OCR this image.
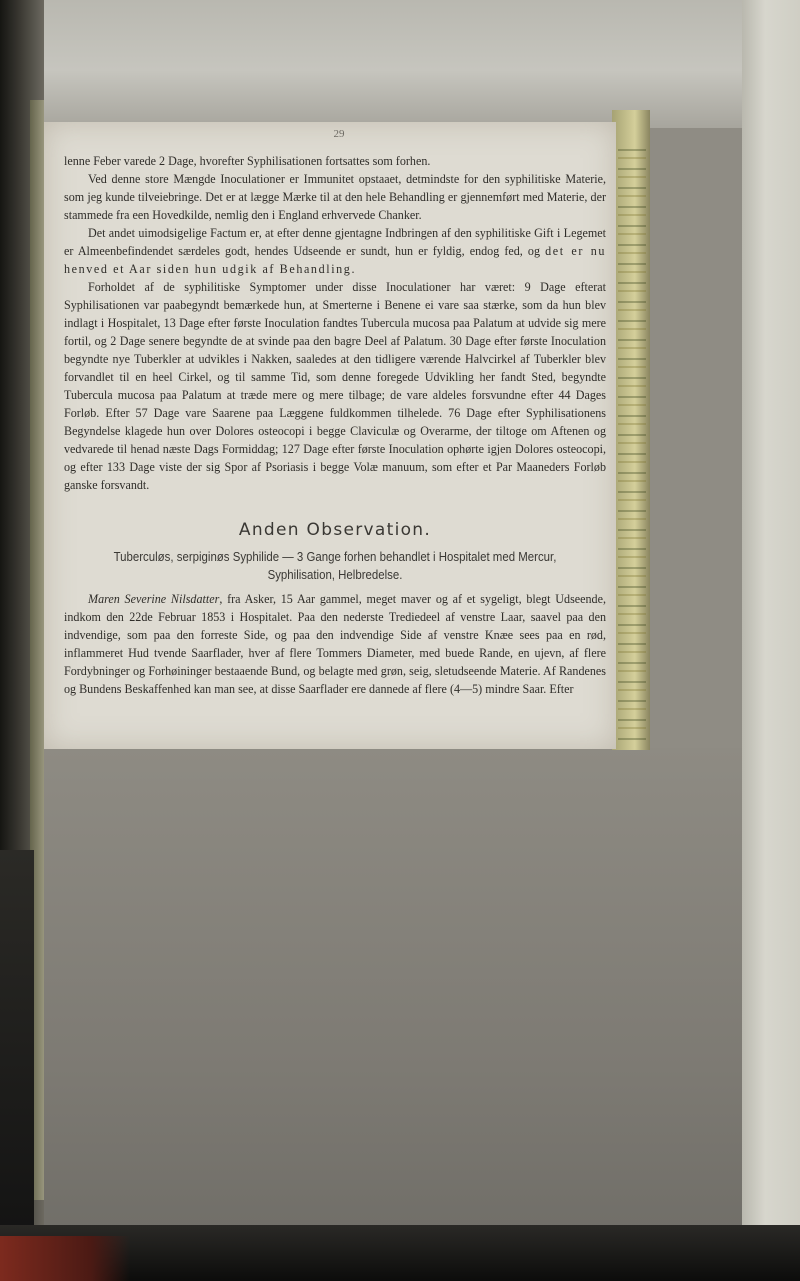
29

lenne Feber varede 2 Dage, hvorefter Syphilisationen fortsattes som forhen.

Ved denne store Mængde Inoculationer er Immunitet opstaaet, detmindste for den syphilitiske Materie, som jeg kunde tilveiebringe. Det er at lægge Mærke til at den hele Behandling er gjennemført med Materie, der stammede fra een Hovedkilde, nemlig den i England erhvervede Chanker.

Det andet uimodsigelige Factum er, at efter denne gjentagne Indbringen af den syphilitiske Gift i Legemet er Almeenbefindendet særdeles godt, hendes Udseende er sundt, hun er fyldig, endog fed, og det er nu henved et Aar siden hun udgik af Behandling.

Forholdet af de syphilitiske Symptomer under disse Inoculationer har været: 9 Dage efterat Syphilisationen var paabegyndt bemærkede hun, at Smerterne i Benene ei vare saa stærke, som da hun blev indlagt i Hospitalet, 13 Dage efter første Inoculation fandtes Tubercula mucosa paa Palatum at udvide sig mere fortil, og 2 Dage senere begyndte de at svinde paa den bagre Deel af Palatum. 30 Dage efter første Inoculation begyndte nye Tuberkler at udvikles i Nakken, saaledes at den tidligere værende Halvcirkel af Tuberkler blev forvandlet til en heel Cirkel, og til samme Tid, som denne foregede Udvikling her fandt Sted, begyndte Tubercula mucosa paa Palatum at træde mere og mere tilbage; de vare aldeles forsvundne efter 44 Dages Forløb. Efter 57 Dage vare Saarene paa Læggene fuldkommen tilhelede. 76 Dage efter Syphilisationens Begyndelse klagede hun over Dolores osteocopi i begge Claviculæ og Overarme, der tiltoge om Aftenen og vedvarede til henad næste Dags Formiddag; 127 Dage efter første Inoculation ophørte igjen Dolores osteocopi, og efter 133 Dage viste der sig Spor af Psoriasis i begge Volæ manuum, som efter et Par Maaneders Forløb ganske forsvandt.

Anden Observation.

Tuberculøs, serpiginøs Syphilide — 3 Gange forhen behandlet i Hospitalet med Mercur, Syphilisation, Helbredelse.

Maren Severine Nilsdatter, fra Asker, 15 Aar gammel, meget maver og af et sygeligt, blegt Udseende, indkom den 22de Februar 1853 i Hospitalet. Paa den nederste Trediedeel af venstre Laar, saavel paa den indvendige, som paa den forreste Side, og paa den indvendige Side af venstre Knæe sees paa en rød, inflammeret Hud tvende Saarflader, hver af flere Tommers Diameter, med buede Rande, en ujevn, af flere Fordybninger og Forhøininger bestaaende Bund, og belagte med grøn, seig, sletudseende Materie. Af Randenes og Bundens Beskaffenhed kan man see, at disse Saarflader ere dannede af flere (4—5) mindre Saar. Efter
